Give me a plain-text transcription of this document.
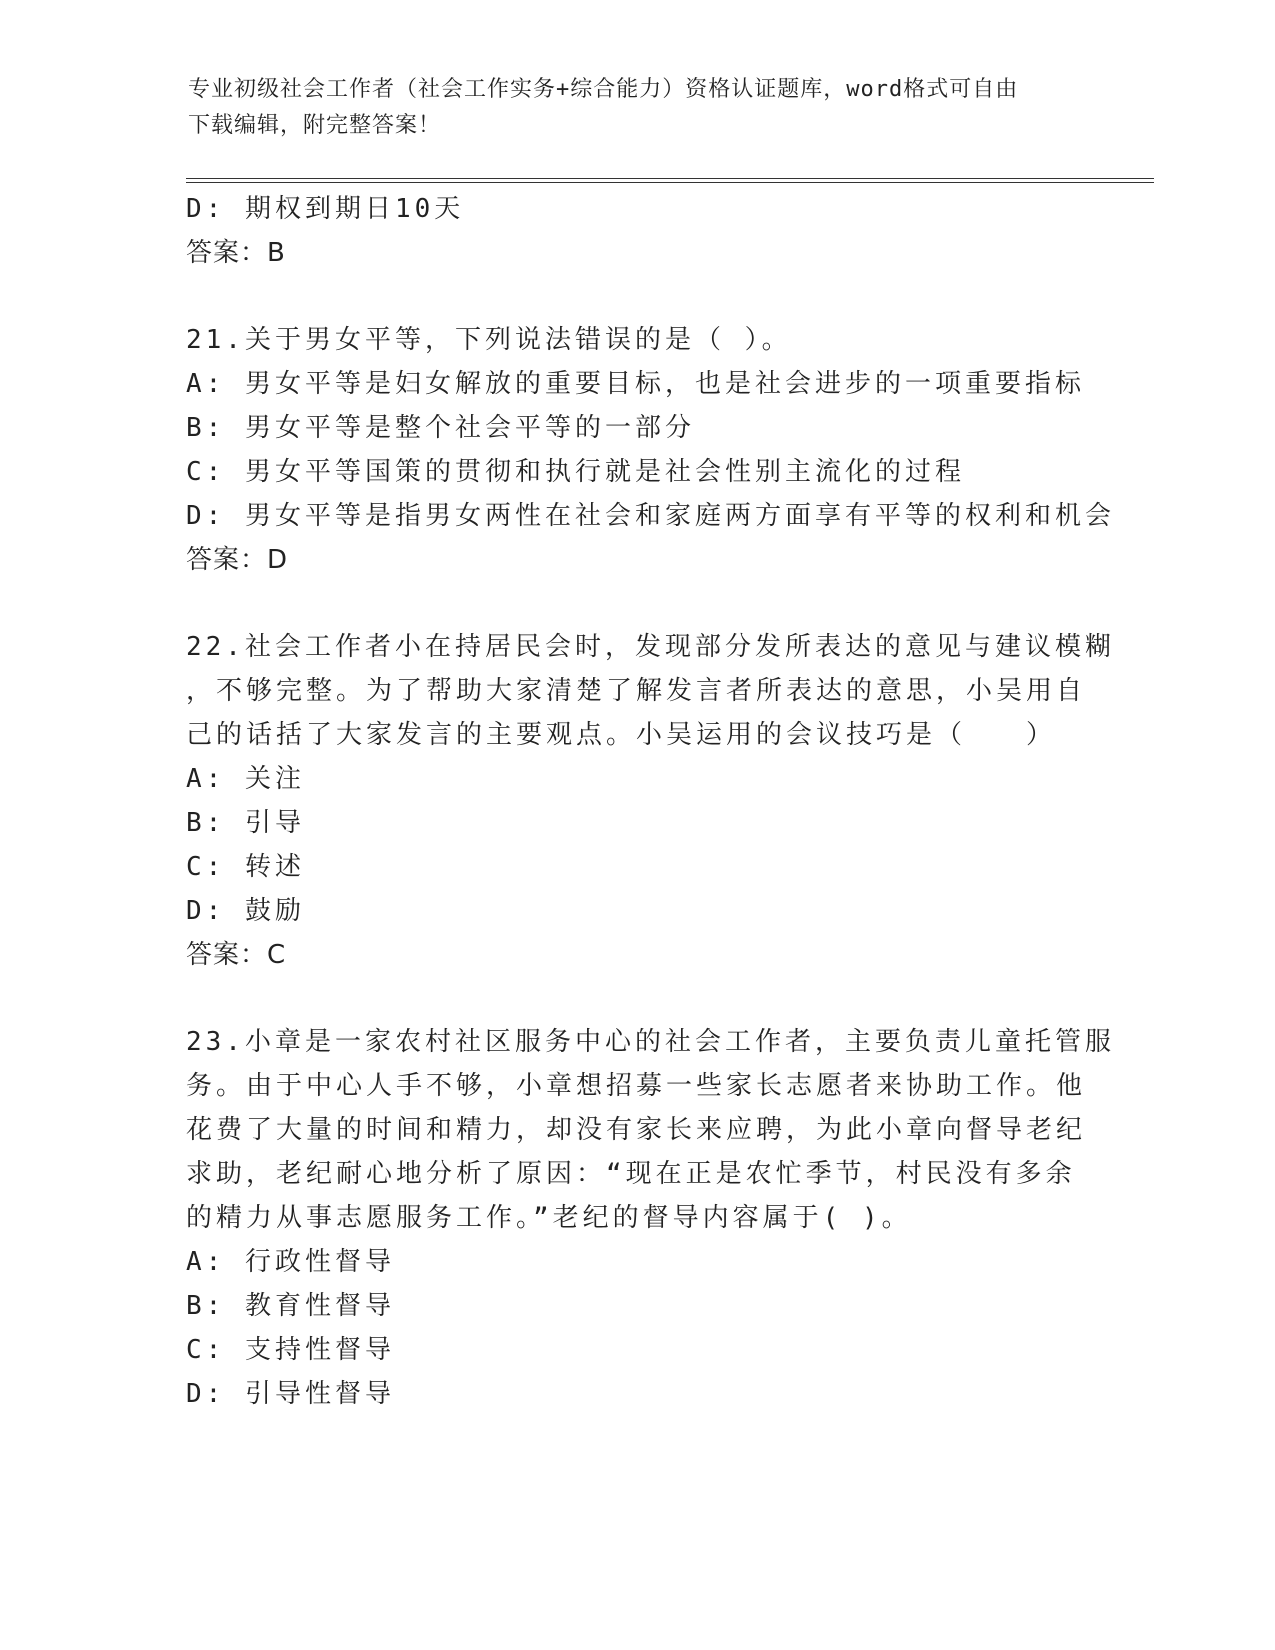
专业初级社会工作者（社会工作实务+综合能力）资格认证题库，word格式可自由
下载编辑，附完整答案！
D: 期权到期日10天
答案：B
21.关于男女平等，下列说法错误的是（ ）。
A: 男女平等是妇女解放的重要目标，也是社会进步的一项重要指标
B: 男女平等是整个社会平等的一部分
C: 男女平等国策的贯彻和执行就是社会性别主流化的过程
D: 男女平等是指男女两性在社会和家庭两方面享有平等的权利和机会
答案：D
22.社会工作者小在持居民会时，发现部分发所表达的意见与建议模糊
，不够完整。为了帮助大家清楚了解发言者所表达的意思，小吴用自
己的话括了大家发言的主要观点。小吴运用的会议技巧是（　　）
A: 关注
B: 引导
C: 转述
D: 鼓励
答案：C
23.小章是一家农村社区服务中心的社会工作者，主要负责儿童托管服
务。由于中心人手不够，小章想招募一些家长志愿者来协助工作。他
花费了大量的时间和精力，却没有家长来应聘，为此小章向督导老纪
求助，老纪耐心地分析了原因：“现在正是农忙季节，村民没有多余
的精力从事志愿服务工作。”老纪的督导内容属于( )。
A: 行政性督导
B: 教育性督导
C: 支持性督导
D: 引导性督导
